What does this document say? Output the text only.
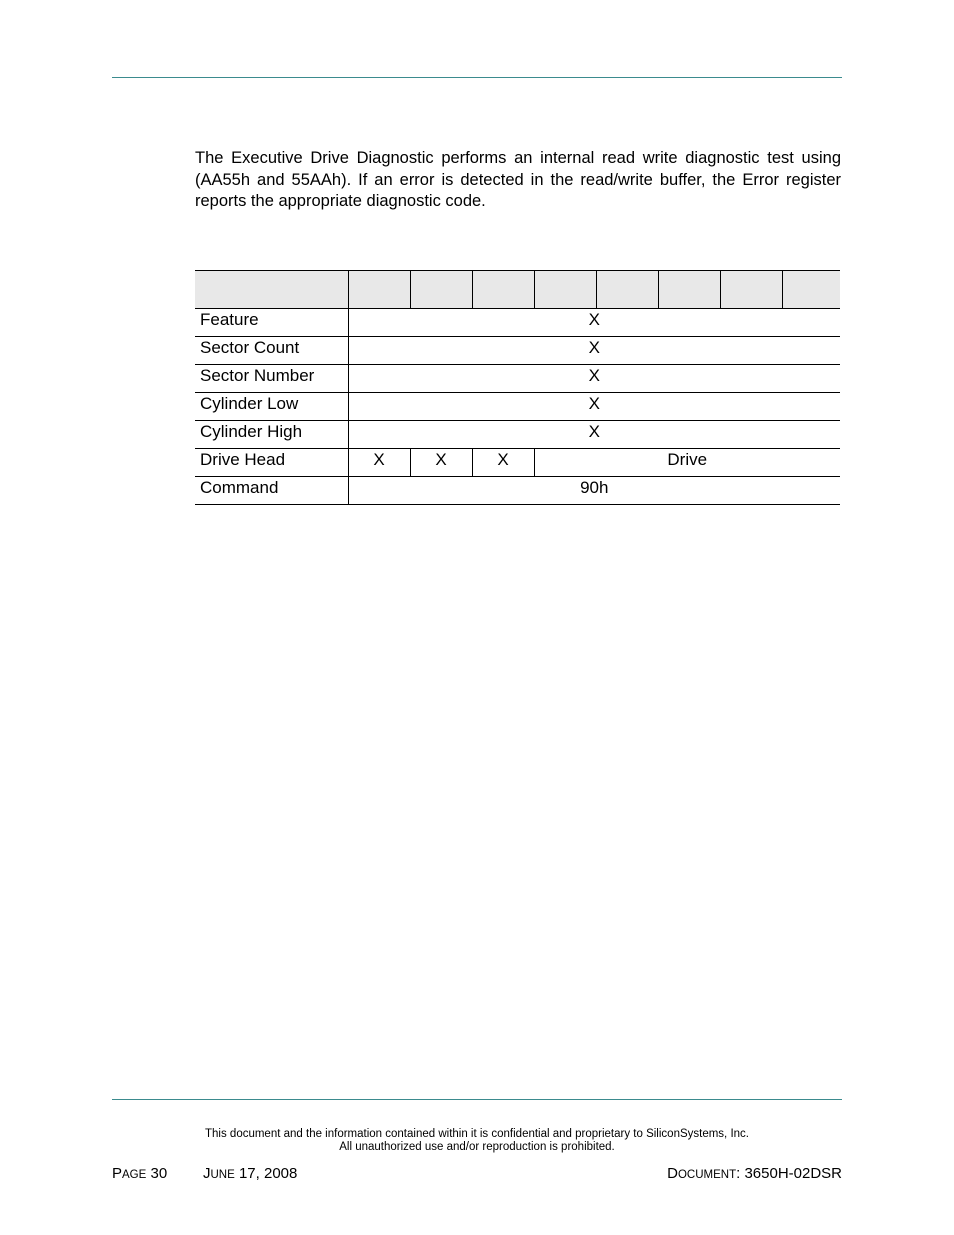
The Executive Drive Diagnostic performs an internal read write diagnostic test using (AA55h and 55AAh). If an error is detected in the read/write buffer, the Error register reports the appropriate diagnostic code.

Feature	X							
Sector Count	X							
Sector Number	X							
Cylinder Low	X							
Cylinder High	X							
Drive Head	X	X	X	Drive				
Command	90h							
This document and the information contained within it is confidential and proprietary to SiliconSystems, Inc.
All unauthorized use and/or reproduction is prohibited.
PAGE 30 JUNE 17, 2008	DOCUMENT: 3650H-02DSR
